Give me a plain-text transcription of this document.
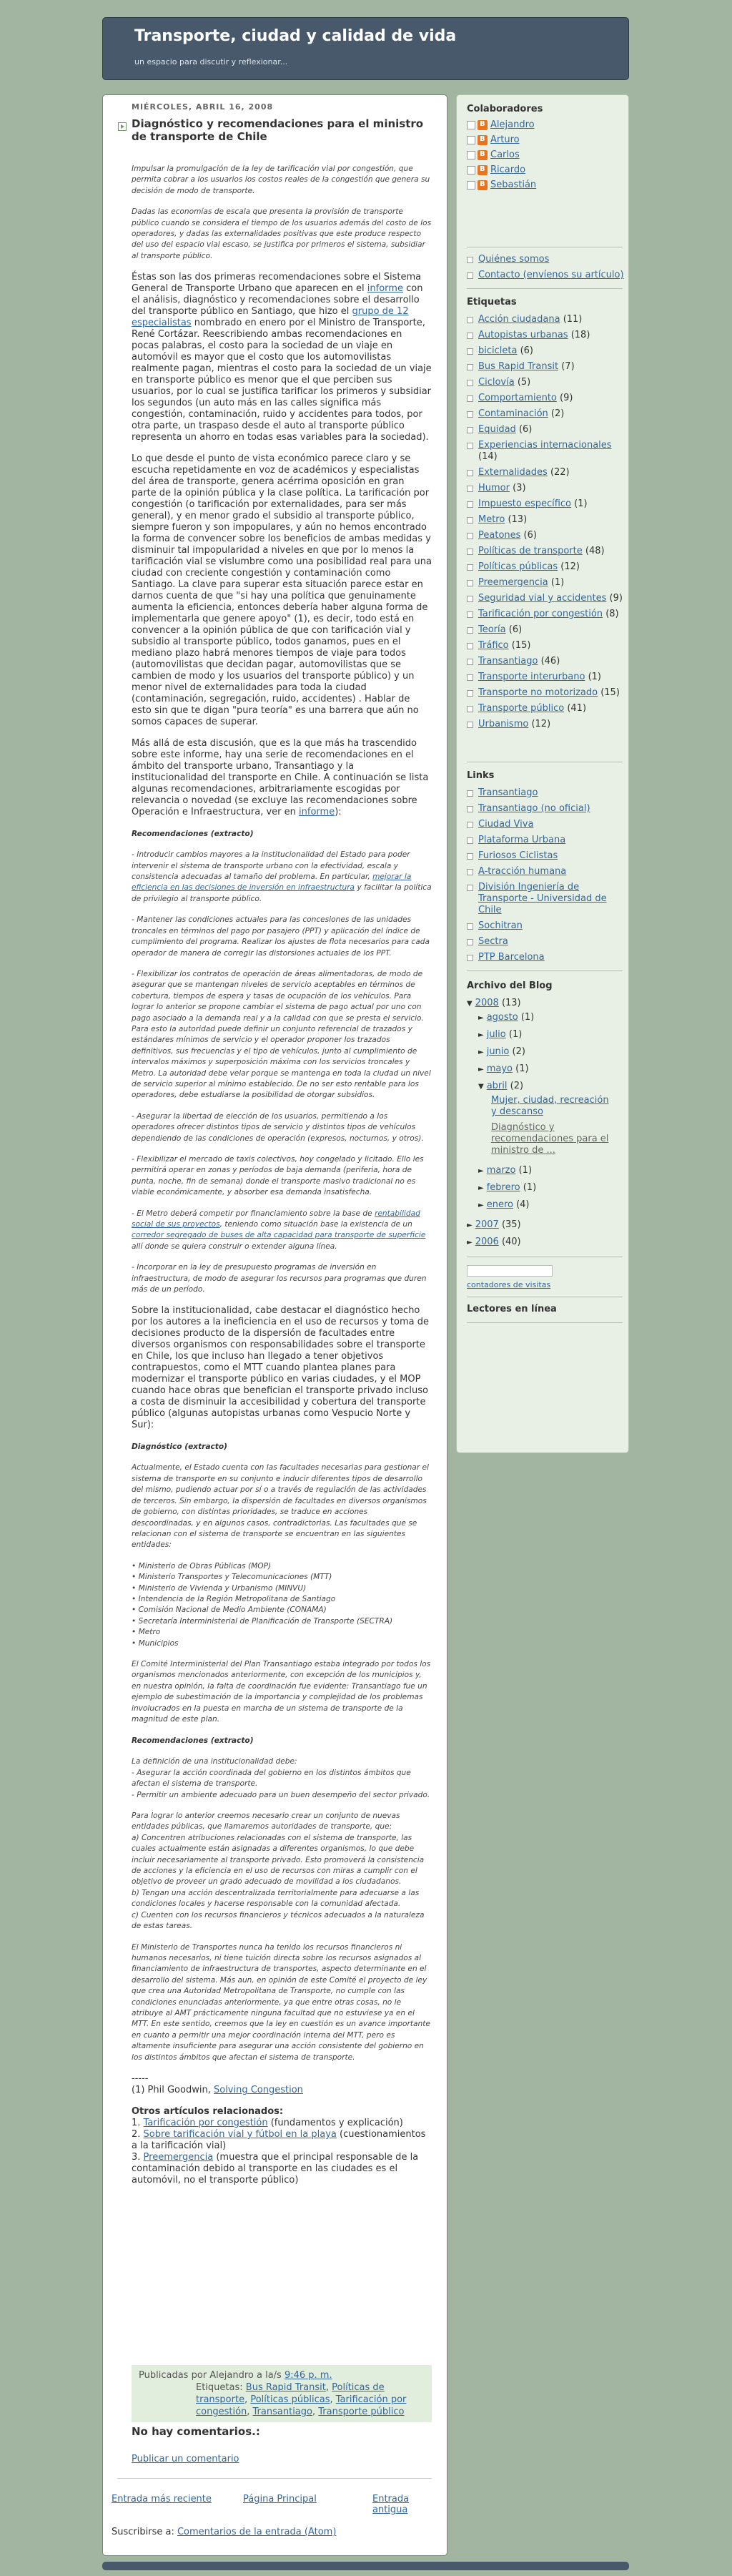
Transporte, ciudad y calidad de vida
un espacio para discutir y reflexionar...
MIÉRCOLES, ABRIL 16, 2008
Diagnóstico y recomendaciones para el ministro de transporte de Chile
Impulsar la promulgación de la ley de tarificación vial por congestión, que permita cobrar a los usuarios los costos reales de la congestión que genera su decisión de modo de transporte.
Dadas las economías de escala que presenta la provisión de transporte público cuando se considera el tiempo de los usuarios además del costo de los operadores, y dadas las externalidades positivas que este produce respecto del uso del espacio vial escaso, se justifica por primeros el sistema, subsidiar al transporte público.
Éstas son las dos primeras recomendaciones sobre el Sistema General de Transporte Urbano que aparecen en el informe con el análisis, diagnóstico y recomendaciones sobre el desarrollo del transporte público en Santiago, que hizo el grupo de 12 especialistas nombrado en enero por el Ministro de Transporte, René Cortázar. Reescribiendo ambas recomendaciones en pocas palabras, el costo para la sociedad de un viaje en automóvil es mayor que el costo que los automovilistas realmente pagan, mientras el costo para la sociedad de un viaje en transporte público es menor que el que perciben sus usuarios, por lo cual se justifica tarificar los primeros y subsidiar los segundos (un auto más en las calles significa más congestión, contaminación, ruido y accidentes para todos, por otra parte, un traspaso desde el auto al transporte público representa un ahorro en todas esas variables para la sociedad).
Lo que desde el punto de vista económico parece claro y se escucha repetidamente en voz de académicos y especialistas del área de transporte, genera acérrima oposición en gran parte de la opinión pública y la clase política. La tarificación por congestión (o tarificación por externalidades, para ser más general), y en menor grado el subsidio al transporte público, siempre fueron y son impopulares, y aún no hemos encontrado la forma de convencer sobre los beneficios de ambas medidas y disminuir tal impopularidad a niveles en que por lo menos la tarificación vial se vislumbre como una posibilidad real para una ciudad con creciente congestión y contaminación como Santiago. La clave para superar esta situación parece estar en darnos cuenta de que "si hay una política que genuinamente aumenta la eficiencia, entonces debería haber alguna forma de implementarla que genere apoyo" (1), es decir, todo está en convencer a la opinión pública de que con tarificación vial y subsidio al transporte público, todos ganamos, pues en el mediano plazo habrá menores tiempos de viaje para todos (automovilistas que decidan pagar, automovilistas que se cambien de modo y los usuarios del transporte público) y un menor nivel de externalidades para toda la ciudad (contaminación, segregación, ruido, accidentes) . Hablar de esto sin que te digan "pura teoría" es una barrera que aún no somos capaces de superar.
Más allá de esta discusión, que es la que más ha trascendido sobre este informe, hay una serie de recomendaciones en el ámbito del transporte urbano, Transantiago y la institucionalidad del transporte en Chile. A continuación se lista algunas recomendaciones, arbitrariamente escogidas por relevancia o novedad (se excluye las recomendaciones sobre Operación e Infraestructura, ver en informe):
Recomendaciones (extracto)
- Introducir cambios mayores a la institucionalidad del Estado para poder intervenir el sistema de transporte urbano con la efectividad, escala y consistencia adecuadas al tamaño del problema. En particular, mejorar la eficiencia en las decisiones de inversión en infraestructura y facilitar la política de privilegio al transporte público.
- Mantener las condiciones actuales para las concesiones de las unidades troncales en términos del pago por pasajero (PPT) y aplicación del índice de cumplimiento del programa. Realizar los ajustes de flota necesarios para cada operador de manera de corregir las distorsiones actuales de los PPT.
- Flexibilizar los contratos de operación de áreas alimentadoras, de modo de asegurar que se mantengan niveles de servicio aceptables en términos de cobertura, tiempos de espera y tasas de ocupación de los vehículos. Para lograr lo anterior se propone cambiar el sistema de pago actual por uno con pago asociado a la demanda real y a la calidad con que se presta el servicio. Para esto la autoridad puede definir un conjunto referencial de trazados y estándares mínimos de servicio y el operador proponer los trazados definitivos, sus frecuencias y el tipo de vehículos, junto al cumplimiento de intervalos máximos y superposición máxima con los servicios troncales y Metro. La autoridad debe velar porque se mantenga en toda la ciudad un nivel de servicio superior al mínimo establecido. De no ser esto rentable para los operadores, debe estudiarse la posibilidad de otorgar subsidios.
- Asegurar la libertad de elección de los usuarios, permitiendo a los operadores ofrecer distintos tipos de servicio y distintos tipos de vehículos dependiendo de las condiciones de operación (expresos, nocturnos, y otros).
- Flexibilizar el mercado de taxis colectivos, hoy congelado y licitado. Ello les permitirá operar en zonas y períodos de baja demanda (periferia, hora de punta, noche, fin de semana) donde el transporte masivo tradicional no es viable económicamente, y absorber esa demanda insatisfecha.
- El Metro deberá competir por financiamiento sobre la base de rentabilidad social de sus proyectos, teniendo como situación base la existencia de un corredor segregado de buses de alta capacidad para transporte de superficie allí donde se quiera construir o extender alguna línea.
- Incorporar en la ley de presupuesto programas de inversión en infraestructura, de modo de asegurar los recursos para programas que duren más de un período.
Sobre la institucionalidad, cabe destacar el diagnóstico hecho por los autores a la ineficiencia en el uso de recursos y toma de decisiones producto de la dispersión de facultades entre diversos organismos con responsabilidades sobre el transporte en Chile, los que incluso han llegado a tener objetivos contrapuestos, como el MTT cuando plantea planes para modernizar el transporte público en varias ciudades, y el MOP cuando hace obras que benefician el transporte privado incluso a costa de disminuir la accesibilidad y cobertura del transporte público (algunas autopistas urbanas como Vespucio Norte y Sur):
Diagnóstico (extracto)
Actualmente, el Estado cuenta con las facultades necesarias para gestionar el sistema de transporte en su conjunto e inducir diferentes tipos de desarrollo del mismo, pudiendo actuar por sí o a través de regulación de las actividades de terceros. Sin embargo, la dispersión de facultades en diversos organismos de gobierno, con distintas prioridades, se traduce en acciones descoordinadas, y en algunos casos, contradictorias. Las facultades que se relacionan con el sistema de transporte se encuentran en las siguientes entidades:
• Ministerio de Obras Públicas (MOP)
• Ministerio Transportes y Telecomunicaciones (MTT)
• Ministerio de Vivienda y Urbanismo (MINVU)
• Intendencia de la Región Metropolitana de Santiago
• Comisión Nacional de Medio Ambiente (CONAMA)
• Secretaría Interministerial de Planificación de Transporte (SECTRA)
• Metro
• Municipios
El Comité Interministerial del Plan Transantiago estaba integrado por todos los organismos mencionados anteriormente, con excepción de los municipios y, en nuestra opinión, la falta de coordinación fue evidente: Transantiago fue un ejemplo de subestimación de la importancia y complejidad de los problemas involucrados en la puesta en marcha de un sistema de transporte de la magnitud de este plan.
Recomendaciones (extracto)
La definición de una institucionalidad debe:
- Asegurar la acción coordinada del gobierno en los distintos ámbitos que afectan el sistema de transporte.
- Permitir un ambiente adecuado para un buen desempeño del sector privado.
Para lograr lo anterior creemos necesario crear un conjunto de nuevas entidades públicas, que llamaremos autoridades de transporte, que:
a) Concentren atribuciones relacionadas con el sistema de transporte, las cuales actualmente están asignadas a diferentes organismos, lo que debe incluir necesariamente al transporte privado. Esto promoverá la consistencia de acciones y la eficiencia en el uso de recursos con miras a cumplir con el
objetivo de proveer un grado adecuado de movilidad a los ciudadanos.
b) Tengan una acción descentralizada territorialmente para adecuarse a las condiciones locales y hacerse responsable con la comunidad afectada.
c) Cuenten con los recursos financieros y técnicos adecuados a la naturaleza de estas tareas.
El Ministerio de Transportes nunca ha tenido los recursos financieros ni humanos necesarios, ni tiene tuición directa sobre los recursos asignados al financiamiento de infraestructura de transportes, aspecto determinante en el desarrollo del sistema. Más aun, en opinión de este Comité el proyecto de ley que crea una Autoridad Metropolitana de Transporte, no cumple con las condiciones enunciadas anteriormente, ya que entre otras cosas, no le atribuye al AMT prácticamente ninguna facultad que no estuviese ya en el MTT. En este sentido, creemos que la ley en cuestión es un avance importante en cuanto a permitir una mejor coordinación interna del MTT, pero es altamente insuficiente para asegurar una acción consistente del gobierno en los distintos ámbitos que afectan el sistema de transporte.
-----
(1) Phil Goodwin, Solving Congestion
Otros artículos relacionados:
1. Tarificación por congestión (fundamentos y explicación)
2. Sobre tarificación vial y fútbol en la playa (cuestionamientos a la tarificación vial)
3. Preemergencia (muestra que el principal responsable de la contaminación debido al transporte en las ciudades es el automóvil, no el transporte público)
Publicadas por Alejandro a la/s 9:46 p. m.
Etiquetas: Bus Rapid Transit, Políticas de transporte, Políticas públicas, Tarificación por congestión, Transantiago, Transporte público
No hay comentarios.:
Publicar un comentario
Entrada más reciente	Página Principal	Entrada antigua
Suscribirse a: Comentarios de la entrada (Atom)
Colaboradores
B
Alejandro
B
Arturo
B
Carlos
B
Ricardo
B
Sebastián
Quiénes somos
Contacto (envíenos su artículo)
Etiquetas
Acción ciudadana (11)
Autopistas urbanas (18)
bicicleta (6)
Bus Rapid Transit (7)
Ciclovía (5)
Comportamiento (9)
Contaminación (2)
Equidad (6)
Experiencias internacionales (14)
Externalidades (22)
Humor (3)
Impuesto específico (1)
Metro (13)
Peatones (6)
Políticas de transporte (48)
Políticas públicas (12)
Preemergencia (1)
Seguridad vial y accidentes (9)
Tarificación por congestión (8)
Teoría (6)
Tráfico (15)
Transantiago (46)
Transporte interurbano (1)
Transporte no motorizado (15)
Transporte público (41)
Urbanismo (12)
Links
Transantiago
Transantiago (no oficial)
Ciudad Viva
Plataforma Urbana
Furiosos Ciclistas
A-tracción humana
División Ingeniería de Transporte - Universidad de Chile
Sochitran
Sectra
PTP Barcelona
Archivo del Blog
▼ 2008 (13)
► agosto (1)
► julio (1)
► junio (2)
► mayo (1)
▼ abril (2)
Mujer, ciudad, recreación y descanso
Diagnóstico y recomendaciones para el ministro de ...
► marzo (1)
► febrero (1)
► enero (4)
► 2007 (35)
► 2006 (40)
contadores de visitas
Lectores en línea
